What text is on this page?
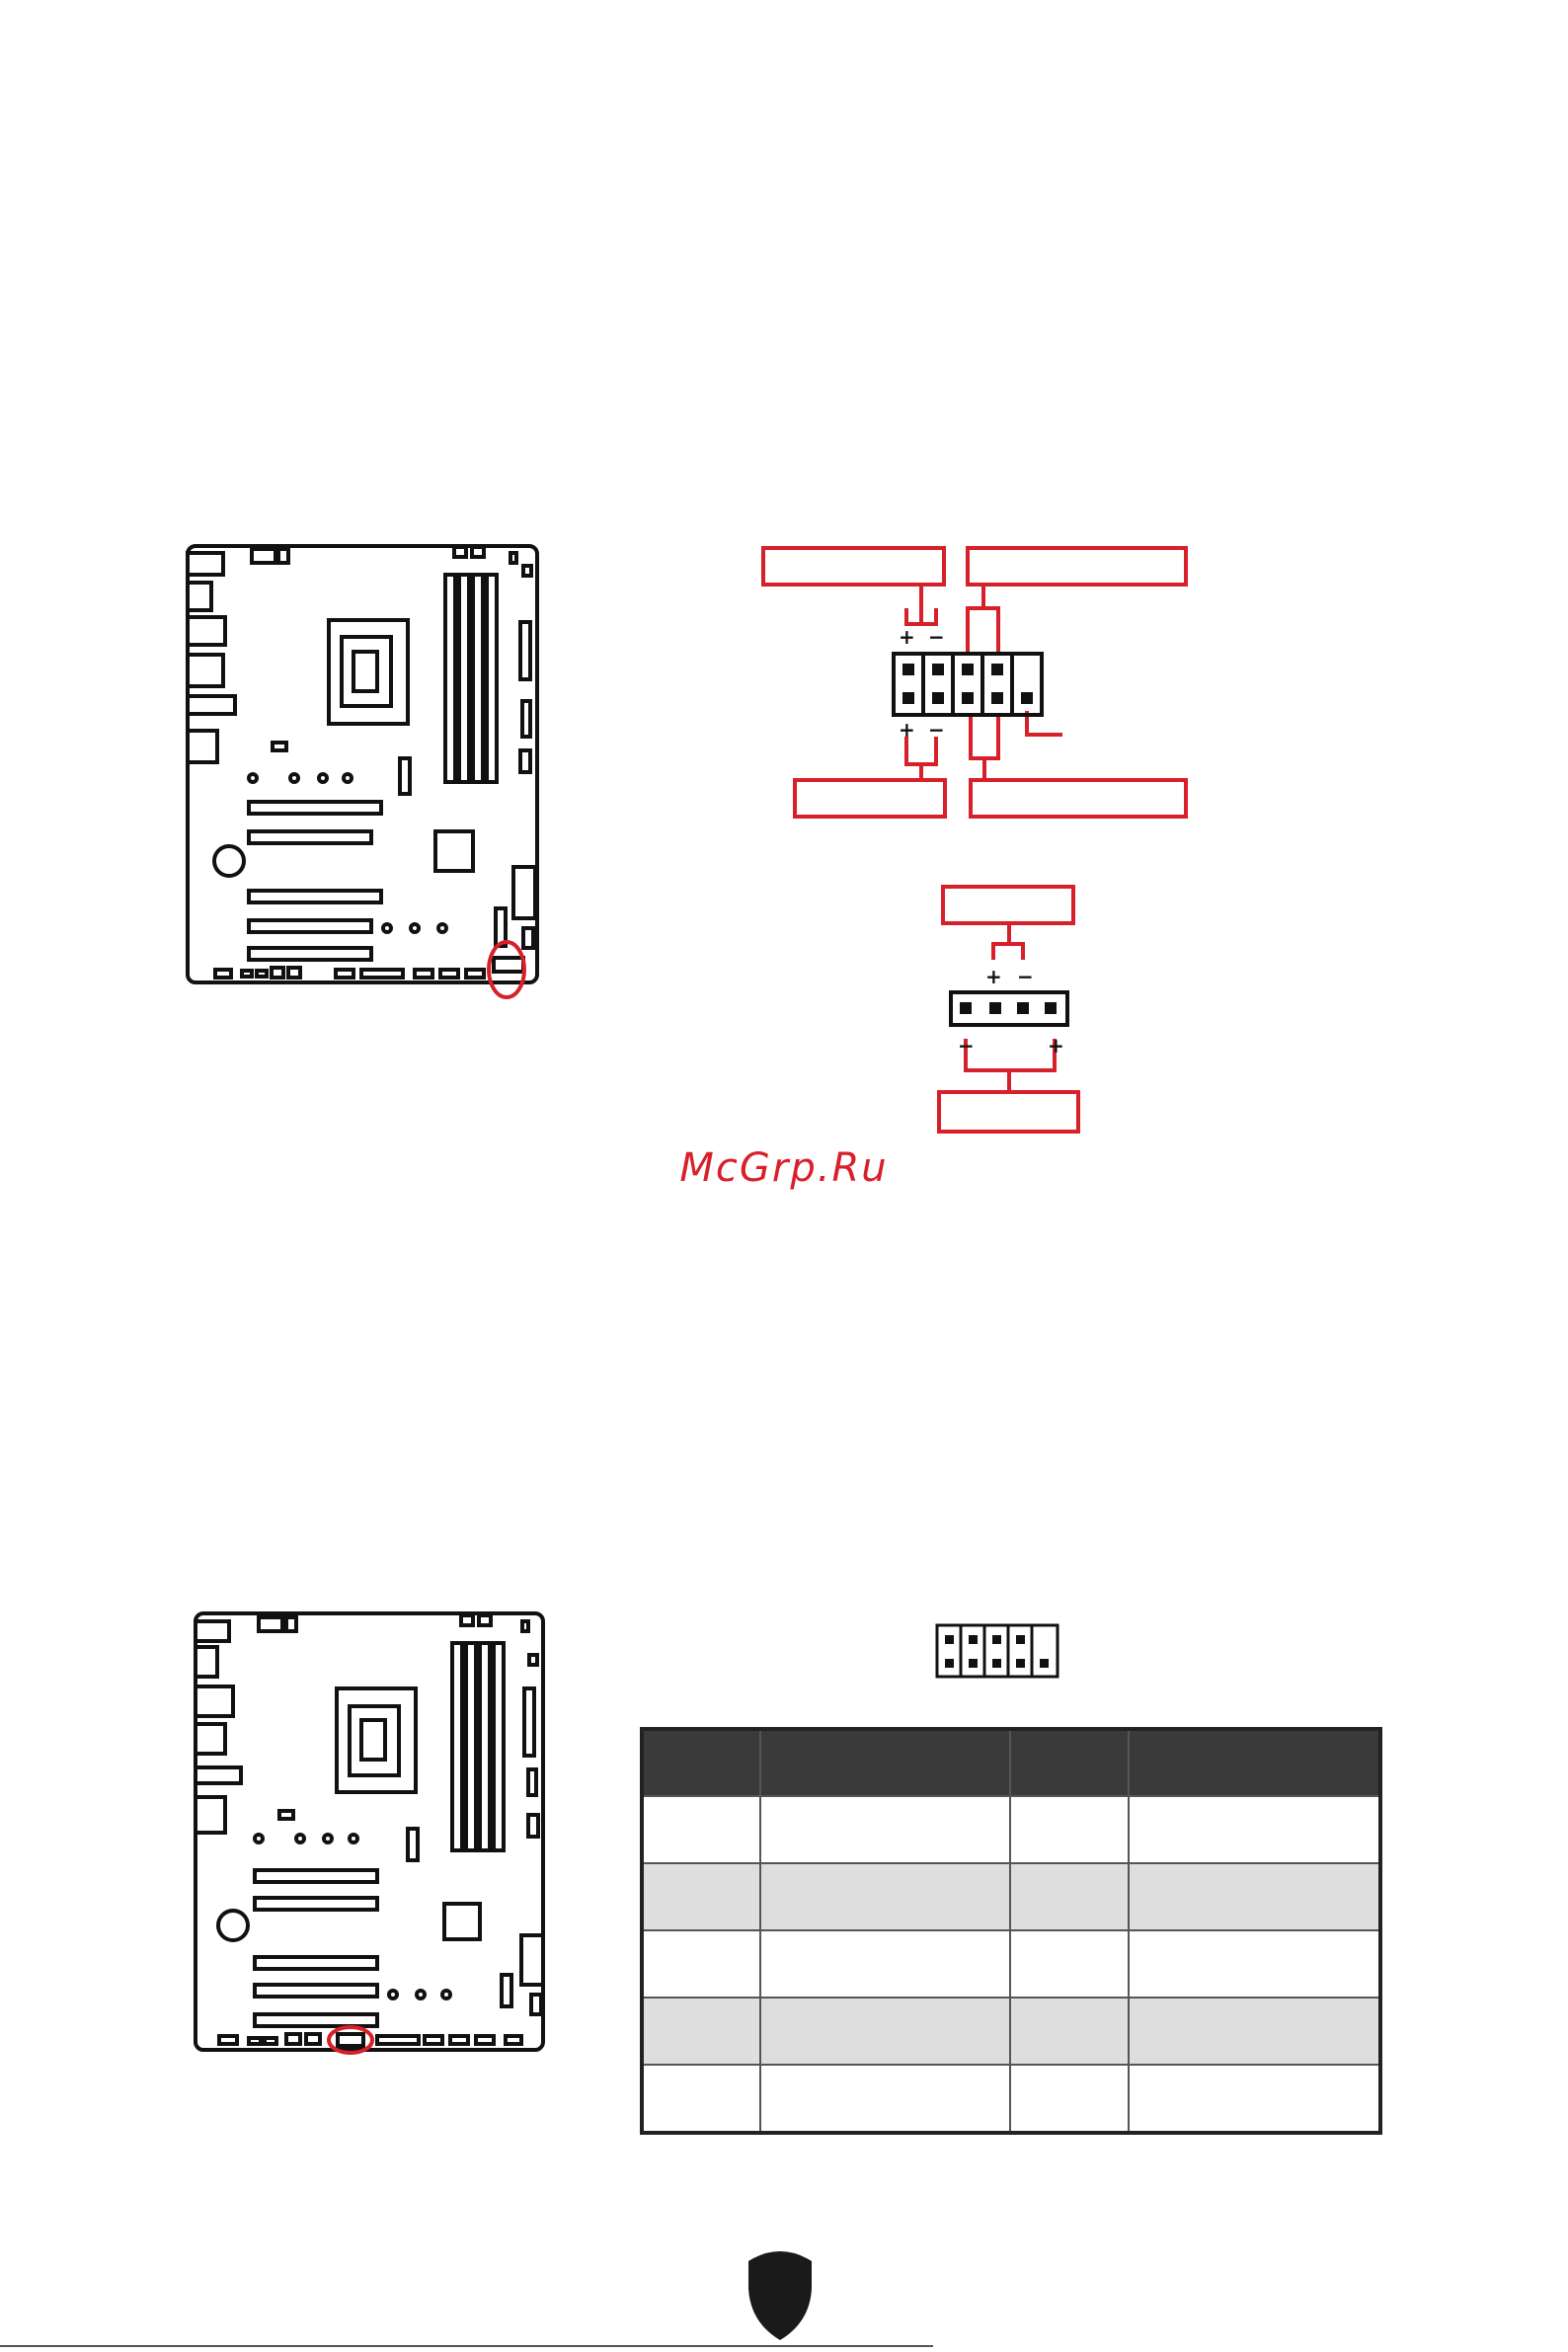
+ −
+ −
+ −
−	+
McGrp.Ru
